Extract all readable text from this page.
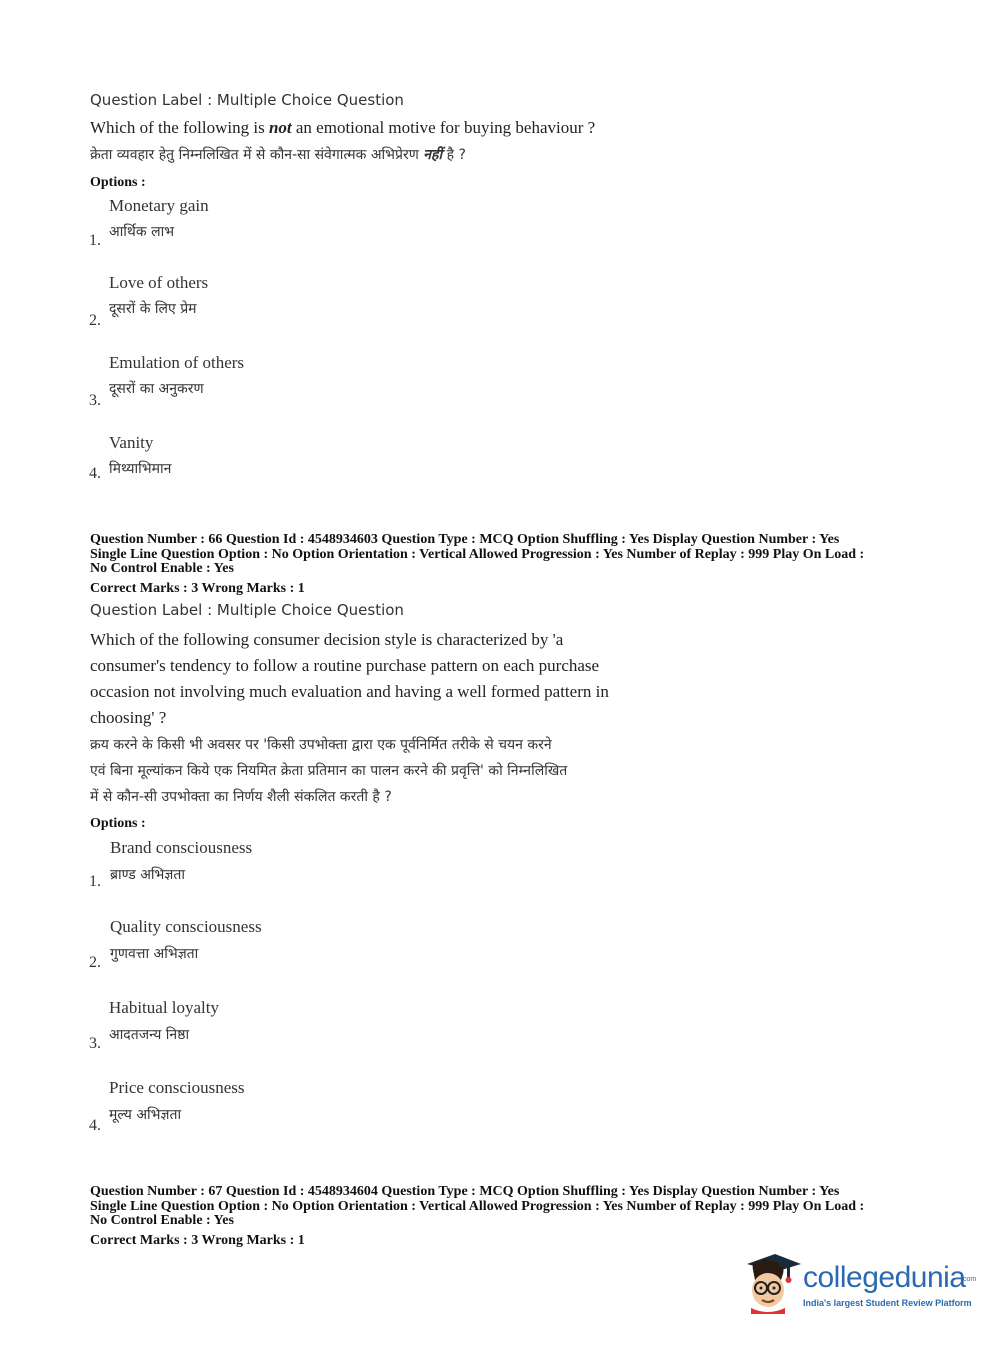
Question Label : Multiple Choice Question
Which of the following is not an emotional motive for buying behaviour ?
क्रेता व्यवहार हेतु निम्नलिखित में से कौन-सा संवेगात्मक अभिप्रेरण नहीं है ?
Options :
Monetary gain
आर्थिक लाभ
1.
Love of others
दूसरों के लिए प्रेम
2.
Emulation of others
दूसरों का अनुकरण
3.
Vanity
मिथ्याभिमान
4.
Question Number : 66 Question Id : 4548934603 Question Type : MCQ Option Shuffling : Yes Display Question Number : Yes
Single Line Question Option : No Option Orientation : Vertical Allowed Progression : Yes Number of Replay : 999 Play On Load :
No Control Enable : Yes
Correct Marks : 3 Wrong Marks : 1
Question Label : Multiple Choice Question
Which of the following consumer decision style is characterized by 'a
consumer's tendency to follow a routine purchase pattern on each purchase
occasion not involving much evaluation and having a well formed pattern in
choosing' ?
क्रय करने के किसी भी अवसर पर 'किसी उपभोक्ता द्वारा एक पूर्वनिर्मित तरीके से चयन करने
एवं बिना मूल्यांकन किये एक नियमित क्रेता प्रतिमान का पालन करने की प्रवृत्ति' को निम्नलिखित
में से कौन-सी उपभोक्ता का निर्णय शैली संकलित करती है ?
Options :
Brand consciousness
ब्राण्ड अभिज्ञता
1.
Quality consciousness
गुणवत्ता अभिज्ञता
2.
Habitual loyalty
आदतजन्य निष्ठा
3.
Price consciousness
मूल्य अभिज्ञता
4.
Question Number : 67 Question Id : 4548934604 Question Type : MCQ Option Shuffling : Yes Display Question Number : Yes
Single Line Question Option : No Option Orientation : Vertical Allowed Progression : Yes Number of Replay : 999 Play On Load :
No Control Enable : Yes
Correct Marks : 3 Wrong Marks : 1
collegedunia
.com
India's largest Student Review Platform
